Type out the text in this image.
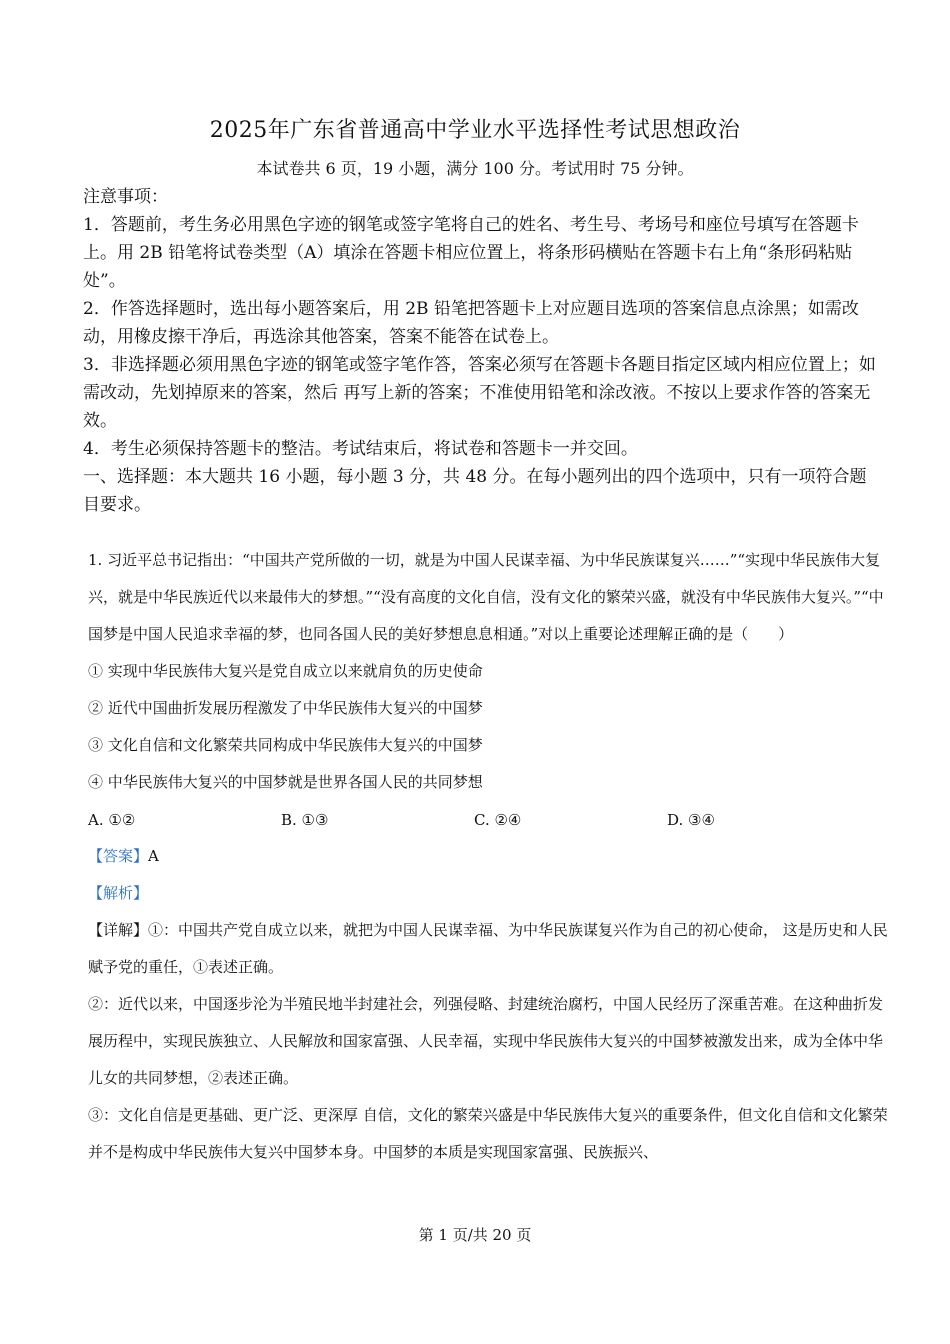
2025年广东省普通高中学业水平选择性考试思想政治
本试卷共 6 页，19 小题，满分 100 分。考试用时 75 分钟。

注意事项：

1．答题前，考生务必用黑色字迹的钢笔或签字笔将自己的姓名、考生号、考场号和座位号填写在答题卡上。用 2B 铅笔将试卷类型（A）填涂在答题卡相应位置上，将条形码横贴在答题卡右上角“条形码粘贴处”。

2．作答选择题时，选出每小题答案后，用 2B 铅笔把答题卡上对应题目选项的答案信息点涂黑；如需改动，用橡皮擦干净后，再选涂其他答案，答案不能答在试卷上。

3．非选择题必须用黑色字迹的钢笔或签字笔作答，答案必须写在答题卡各题目指定区域内相应位置上；如需改动，先划掉原来的答案，然后 再写上新的答案；不准使用铅笔和涂改液。不按以上要求作答的答案无效。

4．考生必须保持答题卡的整洁。考试结束后，将试卷和答题卡一并交回。

一、选择题：本大题共 16 小题，每小题 3 分，共 48 分。在每小题列出的四个选项中，只有一项符合题目要求。

1. 习近平总书记指出：“中国共产党所做的一切，就是为中国人民谋幸福、为中华民族谋复兴……”“实现中华民族伟大复兴，就是中华民族近代以来最伟大的梦想。”“没有高度的文化自信，没有文化的繁荣兴盛，就没有中华民族伟大复兴。”“中国梦是中国人民追求幸福的梦，也同各国人民的美好梦想息息相通。”对以上重要论述理解正确的是（　　）

① 实现中华民族伟大复兴是党自成立以来就肩负的历史使命

② 近代中国曲折发展历程激发了中华民族伟大复兴的中国梦

③ 文化自信和文化繁荣共同构成中华民族伟大复兴的中国梦

④ 中华民族伟大复兴的中国梦就是世界各国人民的共同梦想

A. ①②	B. ①③	C. ②④	D. ③④

【答案】A

【解析】

【详解】①：中国共产党自成立以来，就把为中国人民谋幸福、为中华民族谋复兴作为自己的初心使命， 这是历史和人民赋予党的重任，①表述正确。

②：近代以来，中国逐步沦为半殖民地半封建社会，列强侵略、封建统治腐朽，中国人民经历了深重苦难。在这种曲折发展历程中，实现民族独立、人民解放和国家富强、人民幸福，实现中华民族伟大复兴的中国梦被激发出来，成为全体中华儿女的共同梦想，②表述正确。

③：文化自信是更基础、更广泛、更深厚 自信，文化的繁荣兴盛是中华民族伟大复兴的重要条件，但文化自信和文化繁荣并不是构成中华民族伟大复兴中国梦本身。中国梦的本质是实现国家富强、民族振兴、

第 1 页/共 20 页
